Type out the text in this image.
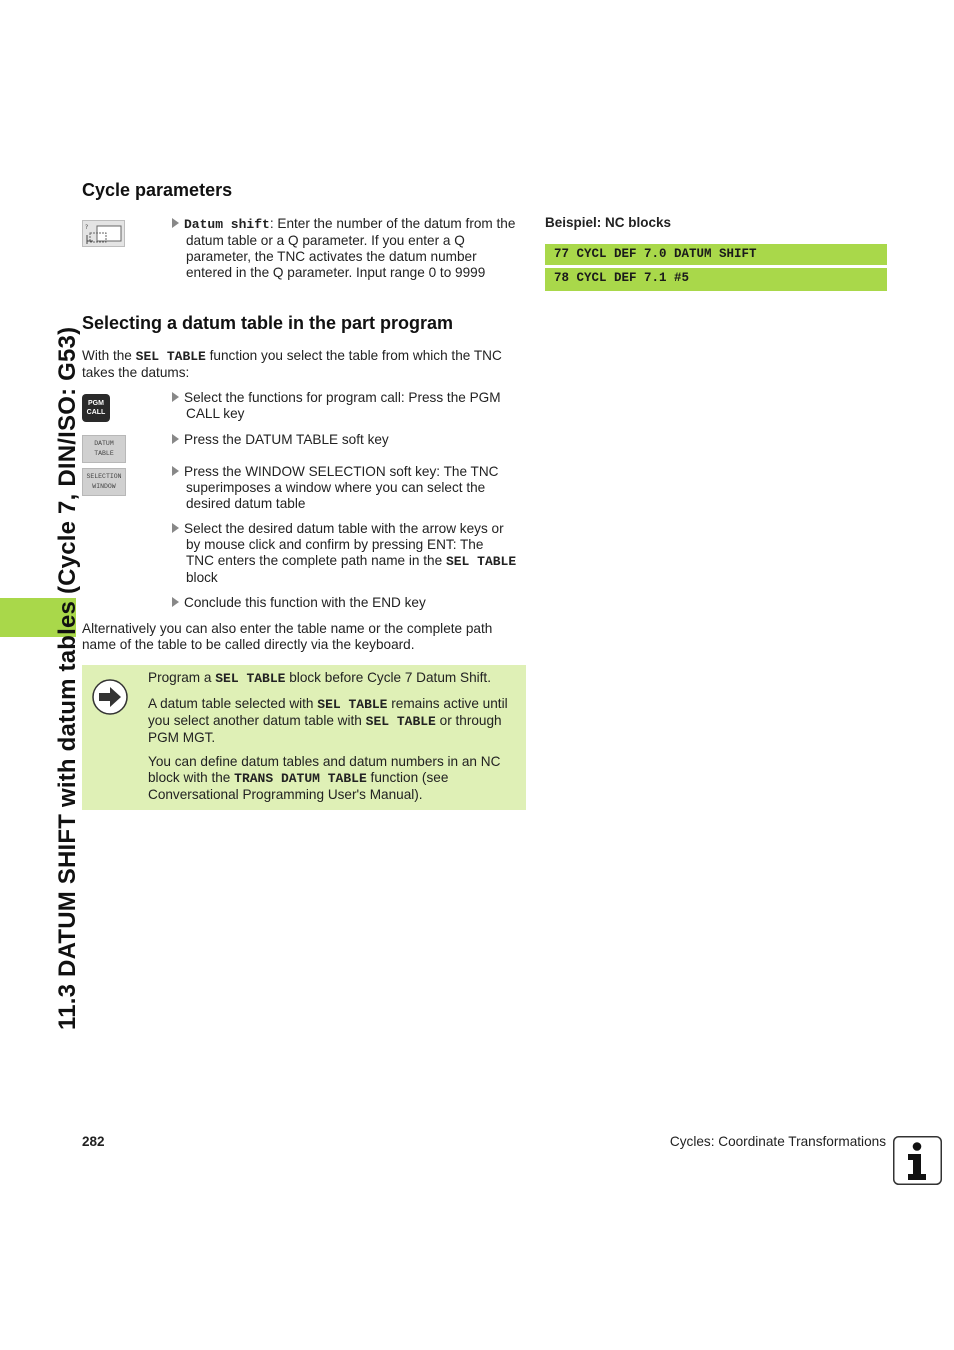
11.3 DATUM SHIFT with datum tables (Cycle 7, DIN/ISO: G53)
Cycle parameters
?	Datum shift: Enter the number of the datum from the
datum table or a Q parameter. If you enter a Q
parameter, the TNC activates the datum number
entered in the Q parameter. Input range 0 to 9999
Beispiel: NC blocks
77 CYCL DEF 7.0 DATUM SHIFT
78 CYCL DEF 7.1 #5
Selecting a datum table in the part program
With the SEL TABLE function you select the table from which the TNC
takes the datums:
PGM
CALL
DATUM
TABLE
SELECTION
WINDOW
Select the functions for program call: Press the PGM
CALL key
Press the DATUM TABLE soft key
Press the WINDOW SELECTION soft key: The TNC
superimposes a window where you can select the
desired datum table
Select the desired datum table with the arrow keys or
by mouse click and confirm by pressing ENT: The
TNC enters the complete path name in the SEL TABLE
block
Conclude this function with the END key
Alternatively you can also enter the table name or the complete path
name of the table to be called directly via the keyboard.
Program a SEL TABLE block before Cycle 7 Datum Shift.
A datum table selected with SEL TABLE remains active until
you select another datum table with SEL TABLE or through
PGM MGT.
You can define datum tables and datum numbers in an NC
block with the TRANS DATUM TABLE function (see
Conversational Programming User's Manual).
282	Cycles: Coordinate Transformations
